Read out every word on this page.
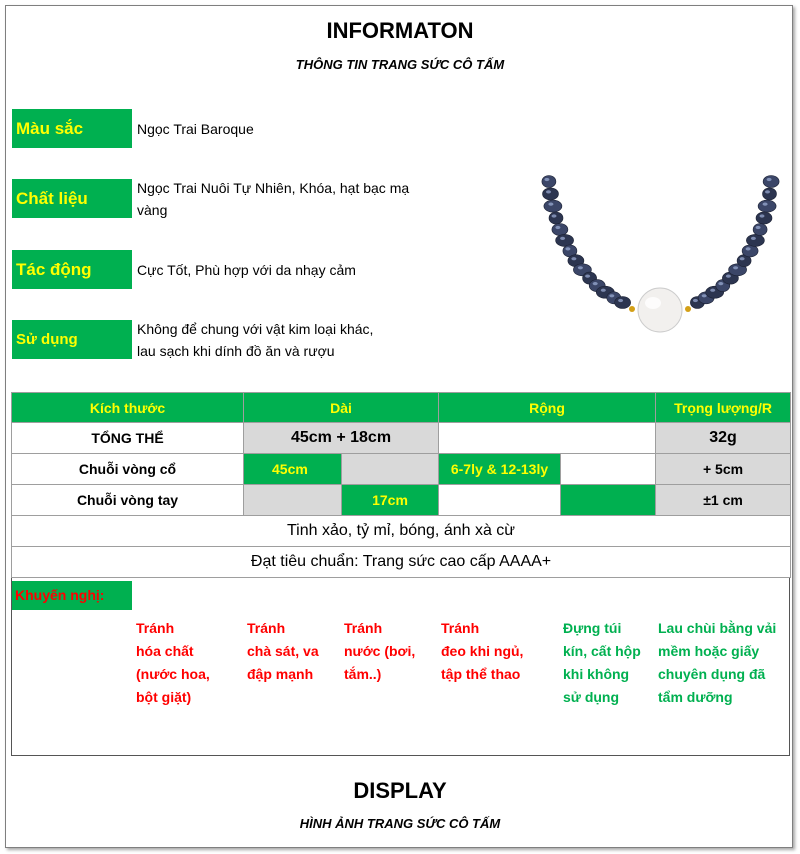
INFORMATON
THÔNG TIN TRANG SỨC CÔ TẤM
Màu sắc	Ngọc Trai Baroque
Chất liệu
Ngọc Trai Nuôi Tự Nhiên, Khóa, hạt bạc mạ
vàng
Tác động	Cực Tốt, Phù hợp với da nhạy cảm
Sử dụng
Không để chung với vật kim loại khác,
lau sạch khi dính đồ ăn và rượu
Kích thước	Dài		Rộng		Trọng lượng/R
TỔNG THỂ	45cm + 18cm				32g
Chuỗi vòng cổ	45cm		6-7ly & 12-13ly		+ 5cm
Chuỗi vòng tay		17cm			±1 cm
Tinh xảo, tỷ mỉ, bóng, ánh xà cừ					
Đạt tiêu chuẩn: Trang sức cao cấp AAAA+					
Khuyến nghị:
Tránh
hóa chất
(nước hoa,
bột giặt)
Tránh
chà sát, va
đập mạnh
Tránh
nước (bơi,
tắm..)
Tránh
đeo khi ngủ,
tập thể thao
Đựng túi
kín, cất hộp
khi không
sử dụng
Lau chùi bằng vải
mềm hoặc giấy
chuyên dụng đã
tẩm dưỡng
DISPLAY
HÌNH ẢNH TRANG SỨC CÔ TẤM
